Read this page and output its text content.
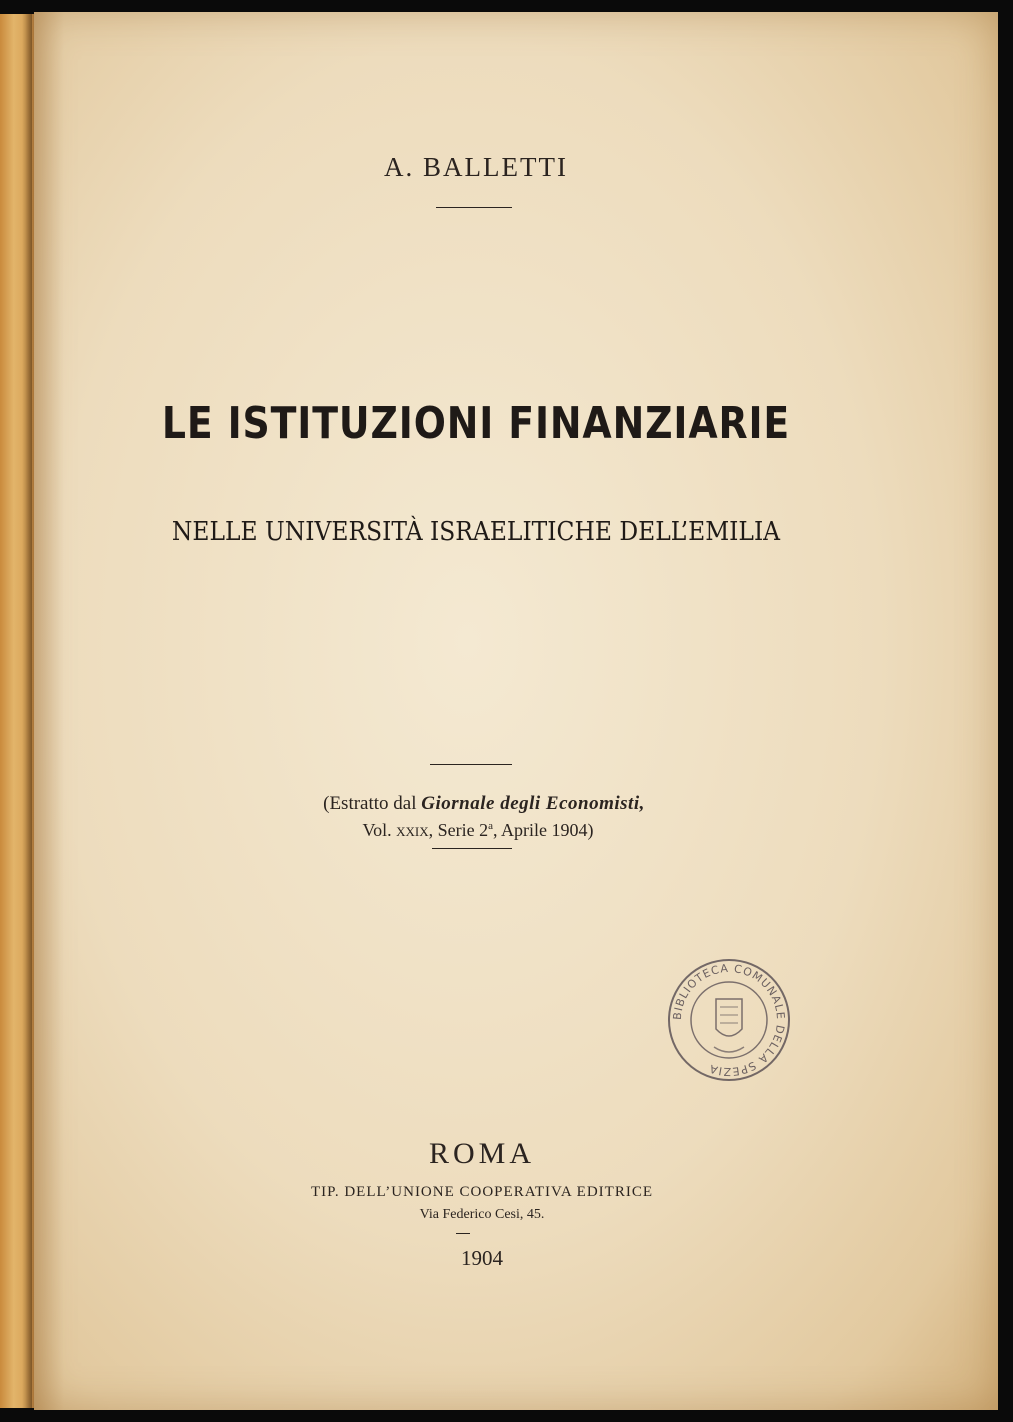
A. BALLETTI
LE ISTITUZIONI FINANZIARIE
NELLE UNIVERSITÀ ISRAELITICHE DELL’EMILIA
(Estratto dal Giornale degli Economisti,
Vol. xxix, Serie 2$^a$, Aprile 1904)
BIBLIOTECA COMUNALE DELLA SPEZIA
ROMA
TIP. DELL’UNIONE COOPERATIVA EDITRICE
Via Federico Cesi, 45.
1904
